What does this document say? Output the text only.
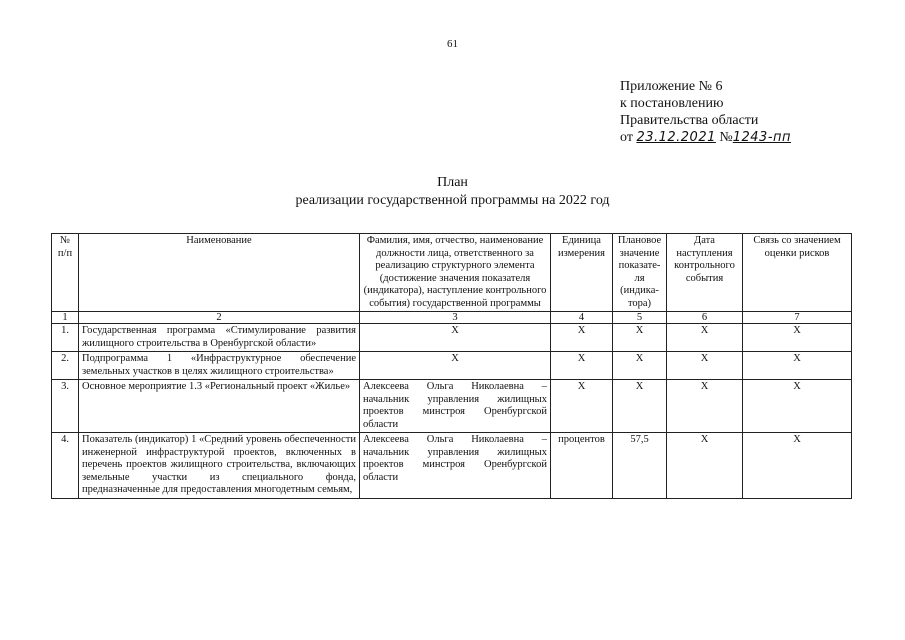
61
Приложение № 6
к постановлению
Правительства области
от 23.12.2021 №1243-пп
План
реализации государственной программы на 2022 год
№ п/п	Наименование	Фамилия, имя, отчество, наименование должности лица, ответственного за реализацию структурного элемента (достижение значения показателя (индикатора), наступление контрольного события) государственной программы	Единица измерения	Плановое значение показате-ля (индика-тора)	Дата наступления контрольного события	Связь со значением оценки рисков
1	2	3	4	5	6	7
1.	Государственная программа «Стимулирование развития жилищного строительства в Оренбургской области»	X	X	X	X	X
2.	Подпрограмма 1 «Инфраструктурное обеспечение земельных участков в целях жилищного строительства»	X	X	X	X	X
3.	Основное мероприятие 1.3 «Региональный проект «Жилье»	Алексеева Ольга Николаевна – начальник управления жилищных проектов минстроя Оренбургской области	X	X	X	X
4.	Показатель (индикатор) 1 «Средний уровень обеспеченности инженерной инфраструктурой проектов, включенных в перечень проектов жилищного строительства, включающих земельные участки из специального фонда, предназначенные для предоставления многодетным семьям,	Алексеева Ольга Николаевна – начальник управления жилищных проектов минстроя Оренбургской области	процентов	57,5	X	X
